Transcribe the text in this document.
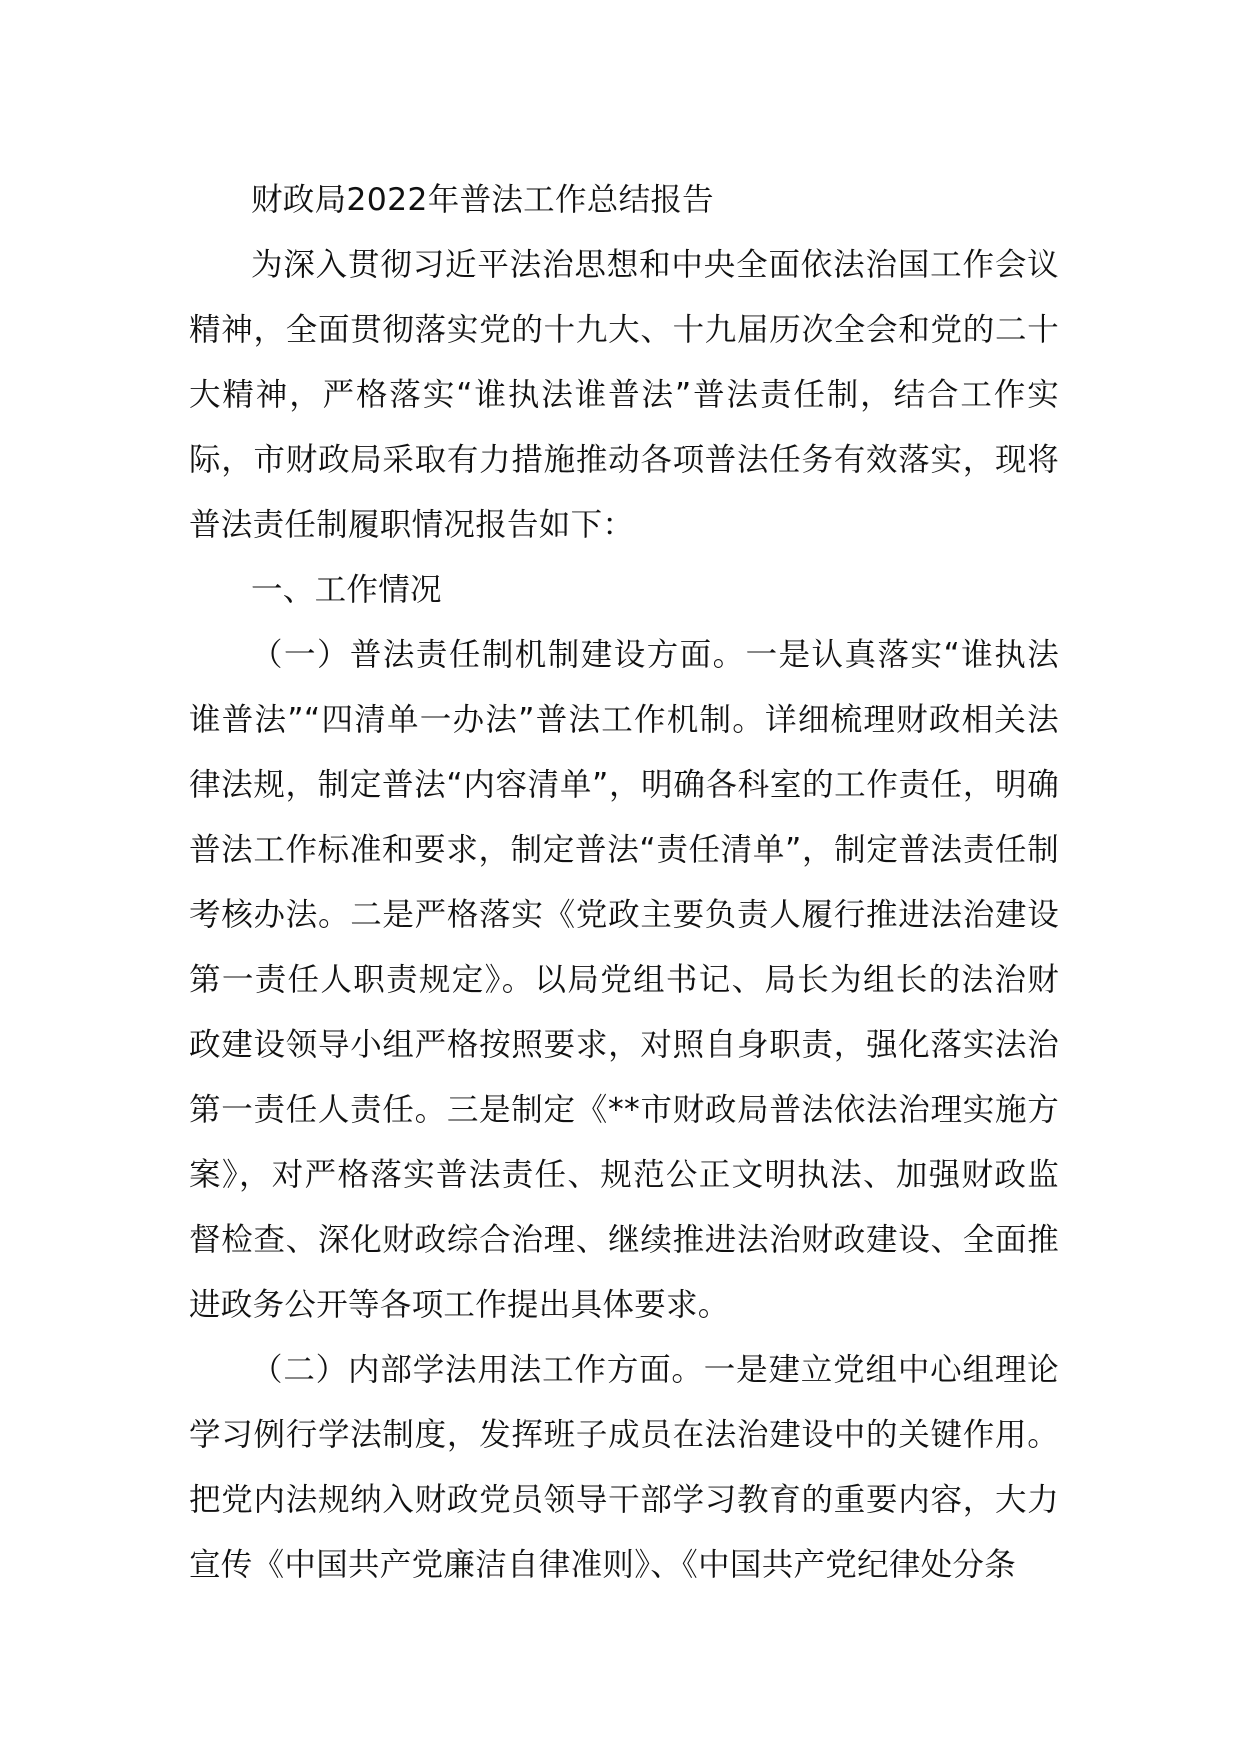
财政局2022年普法工作总结报告

为深入贯彻习近平法治思想和中央全面依法治国工作会议精神，全面贯彻落实党的十九大、十九届历次全会和党的二十大精神，严格落实“谁执法谁普法”普法责任制，结合工作实际，市财政局采取有力措施推动各项普法任务有效落实，现将普法责任制履职情况报告如下：

一、工作情况

（一）普法责任制机制建设方面。一是认真落实“谁执法谁普法”“四清单一办法”普法工作机制。详细梳理财政相关法律法规，制定普法“内容清单”，明确各科室的工作责任，明确普法工作标准和要求，制定普法“责任清单”，制定普法责任制考核办法。二是严格落实《党政主要负责人履行推进法治建设第一责任人职责规定》。以局党组书记、局长为组长的法治财政建设领导小组严格按照要求，对照自身职责，强化落实法治第一责任人责任。三是制定《**市财政局普法依法治理实施方案》，对严格落实普法责任、规范公正文明执法、加强财政监督检查、深化财政综合治理、继续推进法治财政建设、全面推进政务公开等各项工作提出具体要求。

（二）内部学法用法工作方面。一是建立党组中心组理论学习例行学法制度，发挥班子成员在法治建设中的关键作用。把党内法规纳入财政党员领导干部学习教育的重要内容，大力宣传《中国共产党廉洁自律准则》、《中国共产党纪律处分条
